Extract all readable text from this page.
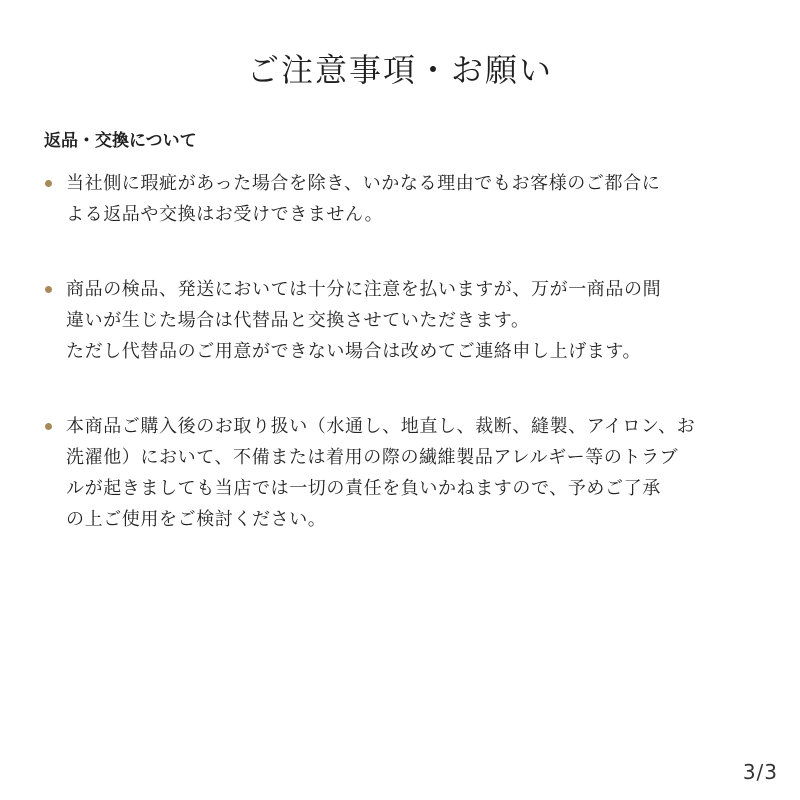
ご注意事項・お願い
返品・交換について
当社側に瑕疵があった場合を除き、いかなる理由でもお客様のご都合に
よる返品や交換はお受けできません。
商品の検品、発送においては十分に注意を払いますが、万が一商品の間
違いが生じた場合は代替品と交換させていただきます。
ただし代替品のご用意ができない場合は改めてご連絡申し上げます。
本商品ご購入後のお取り扱い（水通し、地直し、裁断、縫製、アイロン、お
洗濯他）において、不備または着用の際の繊維製品アレルギー等のトラブ
ルが起きましても当店では一切の責任を負いかねますので、予めご了承
の上ご使用をご検討ください。
3/3
